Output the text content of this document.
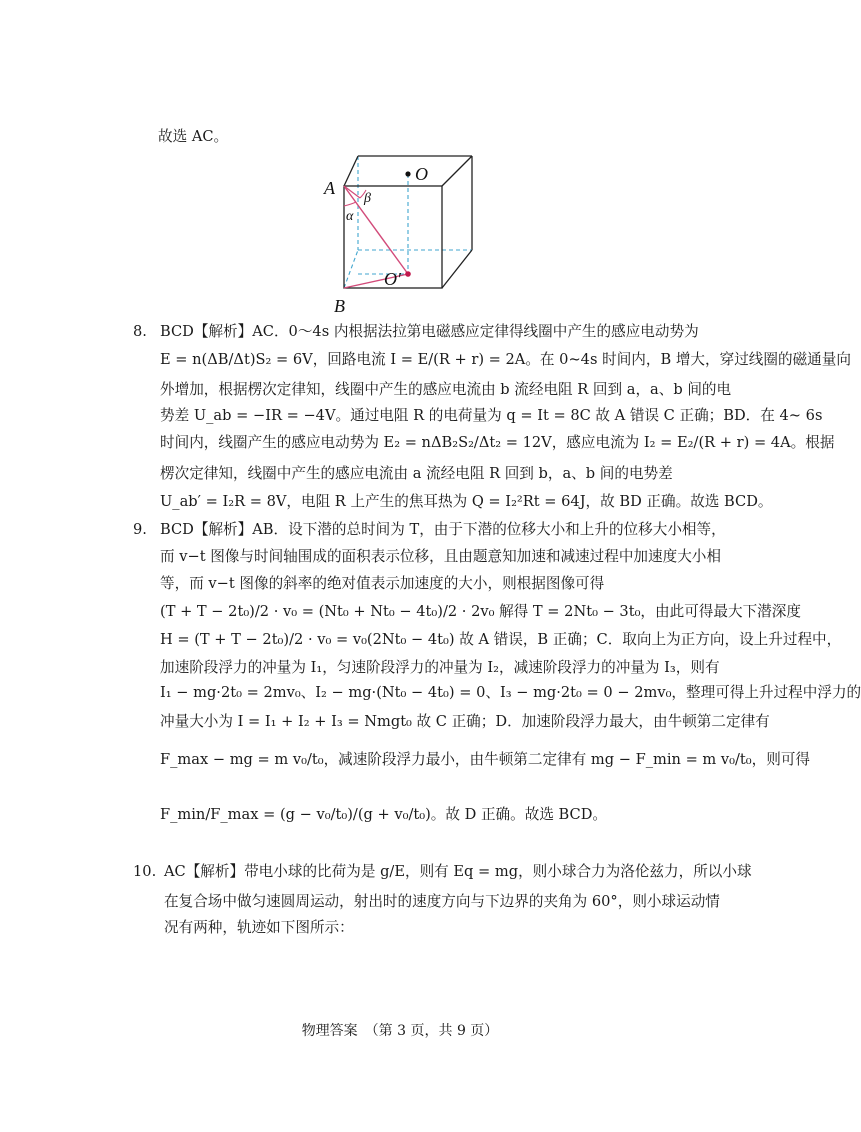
故选 AC。
O
O′
A
B
α
β
8. BCD【解析】AC．0～4s 内根据法拉第电磁感应定律得线圈中产生的感应电动势为
E = n(ΔB/Δt)S₂ = 6V，回路电流 I = E/(R + r) = 2A。在 0~4s 时间内，B 增大，穿过线圈的磁通量向
外增加，根据楞次定律知，线圈中产生的感应电流由 b 流经电阻 R 回到 a，a、b 间的电
势差 U_ab = −IR = −4V。通过电阻 R 的电荷量为 q = It = 8C 故 A 错误 C 正确；BD．在 4~ 6s
时间内，线圈产生的感应电动势为 E₂ = nΔB₂S₂/Δt₂ = 12V，感应电流为 I₂ = E₂/(R + r) = 4A。根据
楞次定律知，线圈中产生的感应电流由 a 流经电阻 R 回到 b，a、b 间的电势差
U_ab′ = I₂R = 8V，电阻 R 上产生的焦耳热为 Q = I₂²Rt = 64J，故 BD 正确。故选 BCD。
9. BCD【解析】AB．设下潜的总时间为 T，由于下潜的位移大小和上升的位移大小相等，
而 v−t 图像与时间轴围成的面积表示位移，且由题意知加速和减速过程中加速度大小相
等，而 v−t 图像的斜率的绝对值表示加速度的大小，则根据图像可得
(T + T − 2t₀)/2 · v₀ = (Nt₀ + Nt₀ − 4t₀)/2 · 2v₀ 解得 T = 2Nt₀ − 3t₀，由此可得最大下潜深度
H = (T + T − 2t₀)/2 · v₀ = v₀(2Nt₀ − 4t₀) 故 A 错误，B 正确；C．取向上为正方向，设上升过程中，
加速阶段浮力的冲量为 I₁，匀速阶段浮力的冲量为 I₂，减速阶段浮力的冲量为 I₃，则有
I₁ − mg·2t₀ = 2mv₀、I₂ − mg·(Nt₀ − 4t₀) = 0、I₃ − mg·2t₀ = 0 − 2mv₀，整理可得上升过程中浮力的
冲量大小为 I = I₁ + I₂ + I₃ = Nmgt₀ 故 C 正确；D．加速阶段浮力最大，由牛顿第二定律有
F_max − mg = m v₀/t₀，减速阶段浮力最小，由牛顿第二定律有 mg − F_min = m v₀/t₀，则可得
F_min/F_max = (g − v₀/t₀)/(g + v₀/t₀)。故 D 正确。故选 BCD。
10. AC【解析】带电小球的比荷为是 g/E，则有 Eq = mg，则小球合力为洛伦兹力，所以小球
在复合场中做匀速圆周运动，射出时的速度方向与下边界的夹角为 60°，则小球运动情
况有两种，轨迹如下图所示：
物理答案　（第 3 页，共 9 页）
